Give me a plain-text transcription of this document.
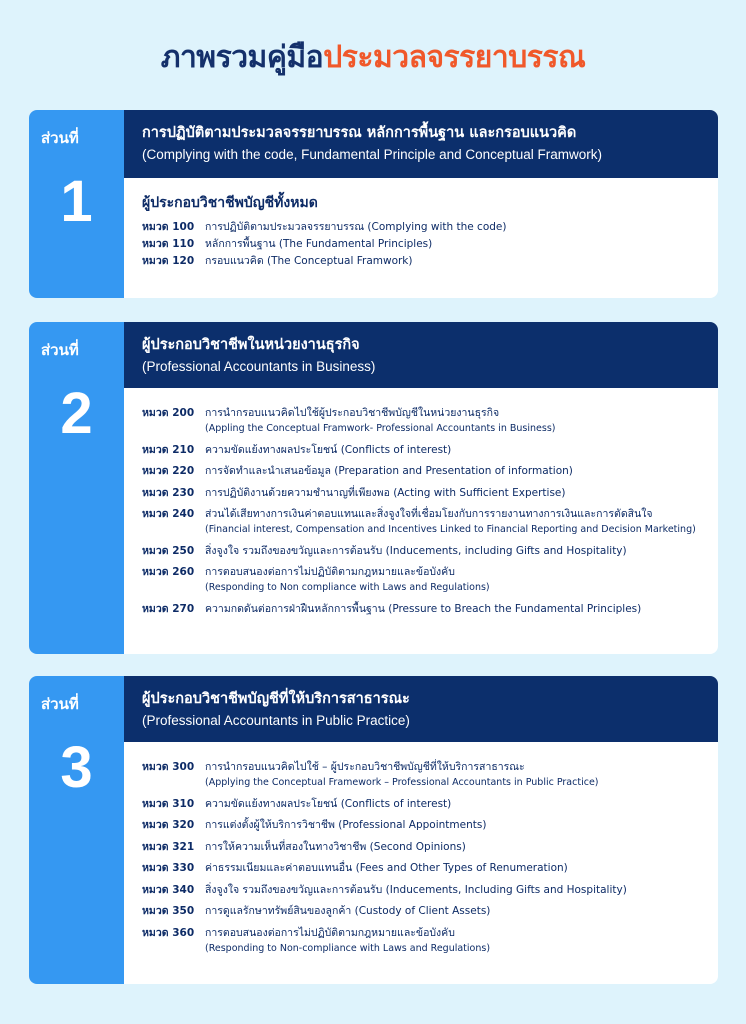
ภาพรวมคู่มือประมวลจรรยาบรรณ
ส่วนที่
1
การปฏิบัติตามประมวลจรรยาบรรณ หลักการพื้นฐาน และกรอบแนวคิด
(Complying with the code, Fundamental Principle and Conceptual Framwork)
ผู้ประกอบวิชาชีพบัญชีทั้งหมด
หมวด 100	การปฏิบัติตามประมวลจรรยาบรรณ (Complying with the code)
หมวด 110	หลักการพื้นฐาน (The Fundamental Principles)
หมวด 120	กรอบแนวคิด (The Conceptual Framwork)
ส่วนที่
2
ผู้ประกอบวิชาชีพในหน่วยงานธุรกิจ
(Professional Accountants in Business)
หมวด 200	การนำกรอบแนวคิดไปใช้ผู้ประกอบวิชาชีพบัญชีในหน่วยงานธุรกิจ
(Appling the Conceptual Framwork- Professional Accountants in Business)
หมวด 210	ความขัดแย้งทางผลประโยชน์ (Conflicts of interest)
หมวด 220	การจัดทำและนำเสนอข้อมูล (Preparation and Presentation of information)
หมวด 230	การปฏิบัติงานด้วยความชำนาญที่เพียงพอ (Acting with Sufficient Expertise)
หมวด 240	ส่วนได้เสียทางการเงินค่าตอบแทนและสิ่งจูงใจที่เชื่อมโยงกับการรายงานทางการเงินและการตัดสินใจ
(Financial interest, Compensation and Incentives Linked to Financial Reporting and Decision Marketing)
หมวด 250	สิ่งจูงใจ รวมถึงของขวัญและการต้อนรับ (Inducements, including Gifts and Hospitality)
หมวด 260	การตอบสนองต่อการไม่ปฏิบัติตามกฎหมายและข้อบังคับ
(Responding to Non compliance with Laws and Regulations)
หมวด 270	ความกดดันต่อการฝ่าฝืนหลักการพื้นฐาน (Pressure to Breach the Fundamental Principles)
ส่วนที่
3
ผู้ประกอบวิชาชีพบัญชีที่ให้บริการสาธารณะ
(Professional Accountants in Public Practice)
หมวด 300	การนำกรอบแนวคิดไปใช้ – ผู้ประกอบวิชาชีพบัญชีที่ให้บริการสาธารณะ
(Applying the Conceptual Framework – Professional Accountants in Public Practice)
หมวด 310	ความขัดแย้งทางผลประโยชน์ (Conflicts of interest)
หมวด 320	การแต่งตั้งผู้ให้บริการวิชาชีพ (Professional Appointments)
หมวด 321	การให้ความเห็นที่สองในทางวิชาชีพ (Second Opinions)
หมวด 330	ค่าธรรมเนียมและค่าตอบแทนอื่น (Fees and Other Types of Renumeration)
หมวด 340	สิ่งจูงใจ รวมถึงของขวัญและการต้อนรับ (Inducements, Including Gifts and Hospitality)
หมวด 350	การดูแลรักษาทรัพย์สินของลูกค้า (Custody of Client Assets)
หมวด 360	การตอบสนองต่อการไม่ปฏิบัติตามกฎหมายและข้อบังคับ
(Responding to Non-compliance with Laws and Regulations)
